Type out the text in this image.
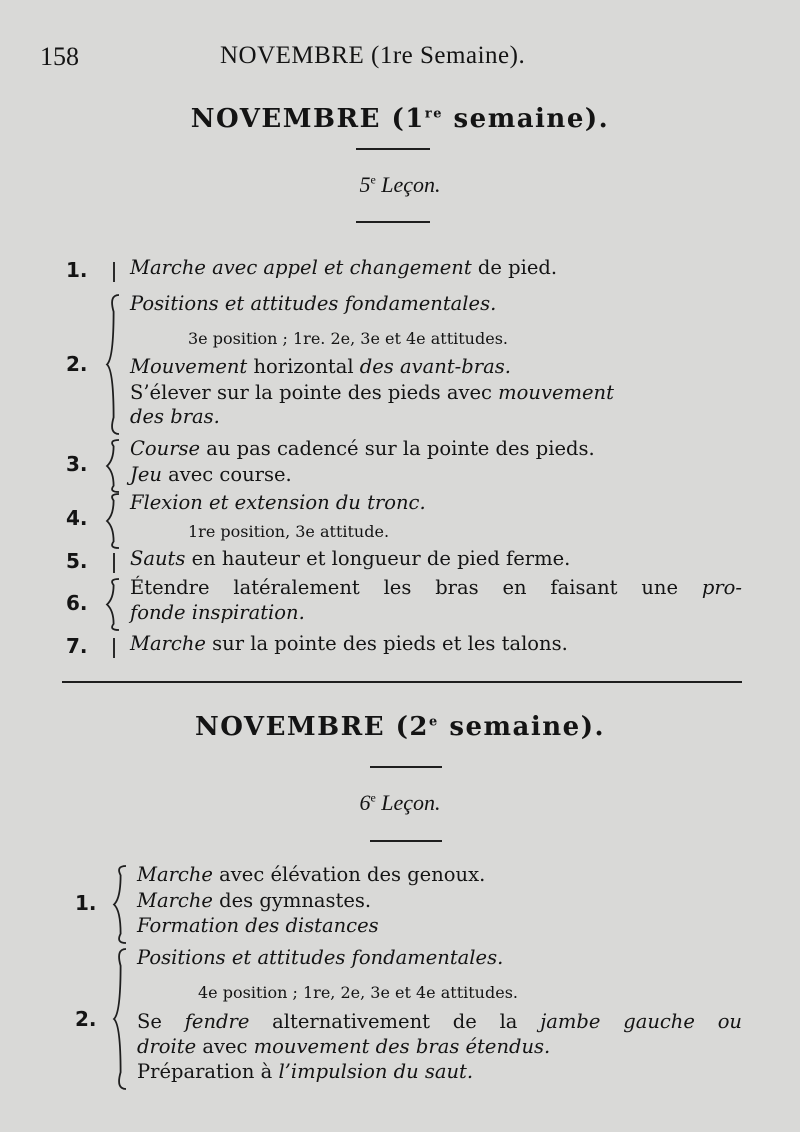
158	NOVEMBRE (1re Semaine).
NOVEMBRE (1re semaine).
5e Leçon.
1. Marche avec appel et changement de pied.
2.
Positions et attitudes fondamentales.
3e position ; 1re. 2e, 3e et 4e attitudes.
Mouvement horizontal des avant-bras.
S’élever sur la pointe des pieds avec mouvement
des bras.
3.
Course au pas cadencé sur la pointe des pieds.
Jeu avec course.
4.
Flexion et extension du tronc.
1re position, 3e attitude.
5. Sauts en hauteur et longueur de pied ferme.
6.
Étendre latéralement les bras en faisant une pro-
fonde inspiration.
7. Marche sur la pointe des pieds et les talons.
NOVEMBRE (2e semaine).
6e Leçon.
1.
Marche avec élévation des genoux.
Marche des gymnastes.
Formation des distances
2.
Positions et attitudes fondamentales.
4e position ; 1re, 2e, 3e et 4e attitudes.
Se fendre alternativement de la jambe gauche ou
droite avec mouvement des bras étendus.
Préparation à l’impulsion du saut.
